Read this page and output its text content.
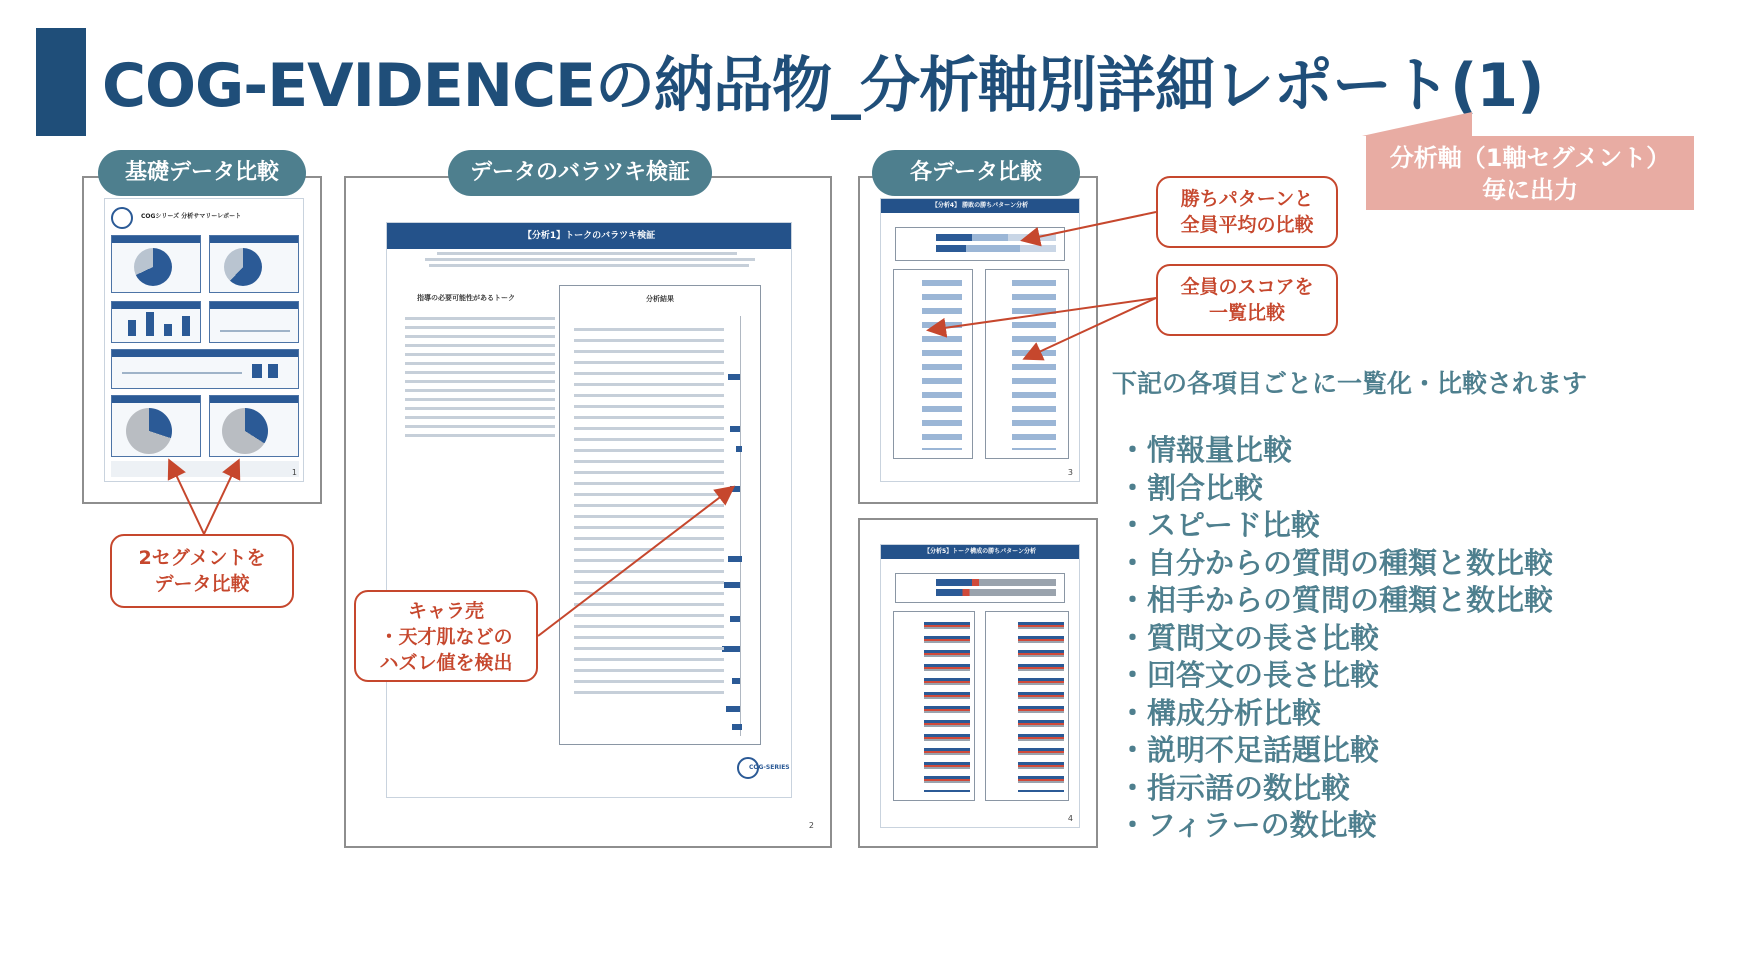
COG-EVIDENCEの納品物_分析軸別詳細レポート(1)
分析軸（1軸セグメント）
毎に出力
COGシリーズ 分析サマリーレポート
1
基礎データ比較
【分析1】トークのバラツキ検証
指導の必要可能性があるトーク	分析結果
COG-SERIES
2
データのバラツキ検証
【分析4】 勝敗の勝ちパターン分析
3
【分析5】トーク構成の勝ちパターン分析
4
各データ比較
2セグメントを
データ比較
キャラ売
・天才肌などの
ハズレ値を検出
勝ちパターンと
全員平均の比較
全員のスコアを
一覧比較
下記の各項目ごとに一覧化・比較されます
・情報量比較
・割合比較
・スピード比較
・自分からの質問の種類と数比較
・相手からの質問の種類と数比較
・質問文の長さ比較
・回答文の長さ比較
・構成分析比較
・説明不足話題比較
・指示語の数比較
・フィラーの数比較
